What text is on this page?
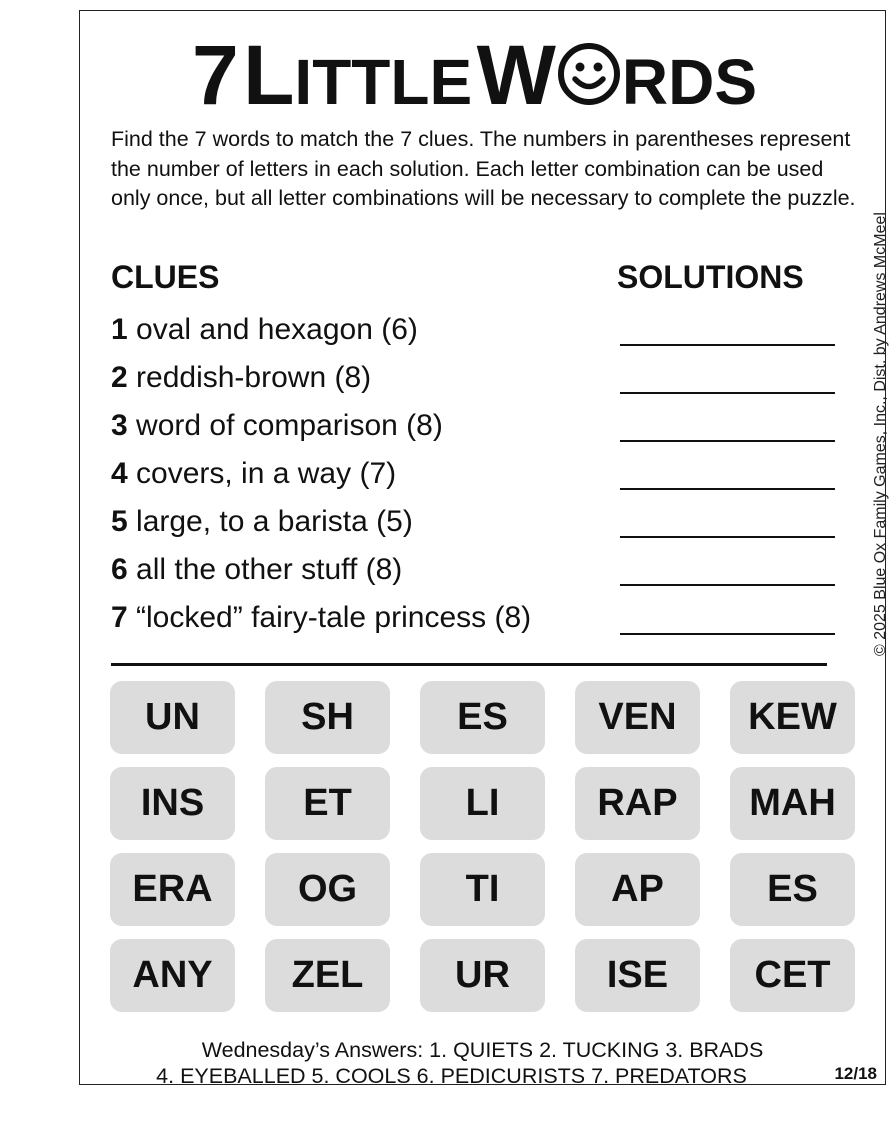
7 LITTLE W RDS

Find the 7 words to match the 7 clues. The numbers in parentheses represent the number of letters in each solution. Each letter combination can be used only once, but all letter combinations will be necessary to complete the puzzle.

© 2025 Blue Ox Family Games, Inc., Dist. by Andrews McMeel
CLUES	SOLUTIONS
1 oval and hexagon (6)
2 reddish-brown (8)
3 word of comparison (8)
4 covers, in a way (7)
5 large, to a barista (5)
6 all the other stuff (8)
7 “locked” fairy-tale princess (8)
UN	SH	ES	VEN	KEW
INS	ET	LI	RAP	MAH
ERA	OG	TI	AP	ES
ANY	ZEL	UR	ISE	CET
Wednesday’s Answers: 1. QUIETS 2. TUCKING 3. BRADS
4. EYEBALLED 5. COOLS 6. PEDICURISTS 7. PREDATORS	12/18
